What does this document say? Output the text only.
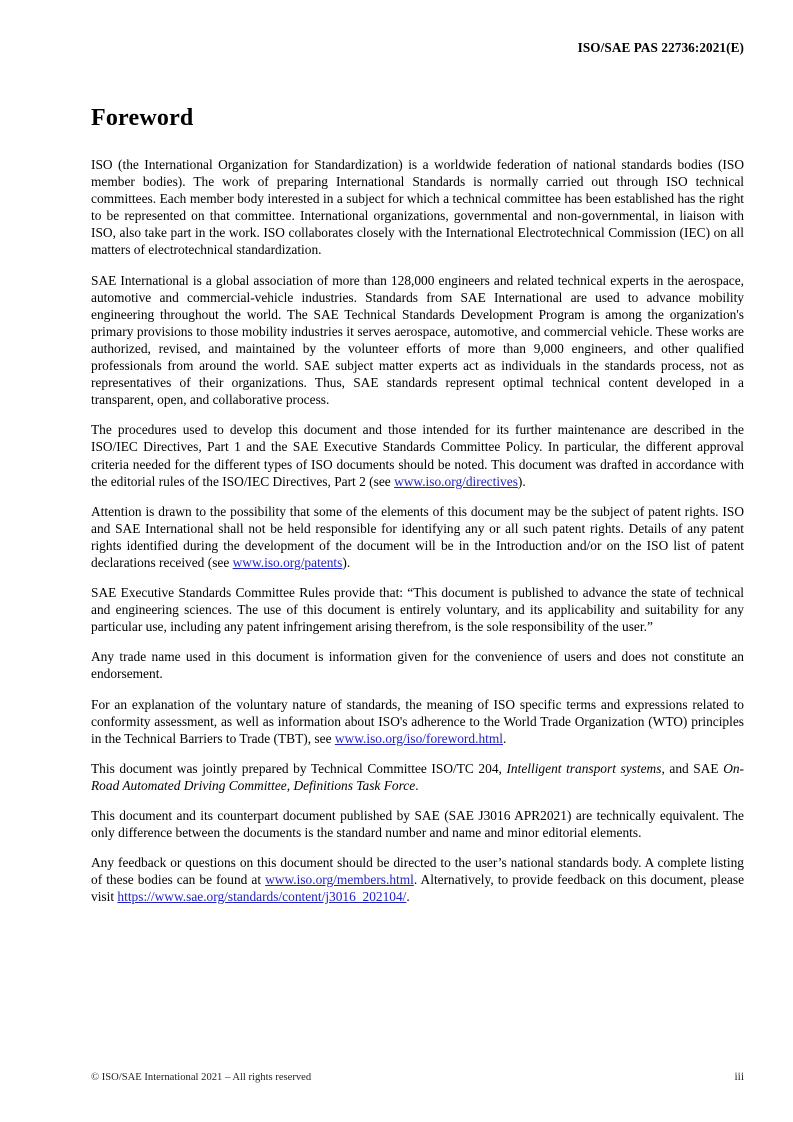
ISO/SAE PAS 22736:2021(E)
Foreword

ISO (the International Organization for Standardization) is a worldwide federation of national standards bodies (ISO member bodies). The work of preparing International Standards is normally carried out through ISO technical committees. Each member body interested in a subject for which a technical committee has been established has the right to be represented on that committee. International organizations, governmental and non-governmental, in liaison with ISO, also take part in the work. ISO collaborates closely with the International Electrotechnical Commission (IEC) on all matters of electrotechnical standardization.

SAE International is a global association of more than 128,000 engineers and related technical experts in the aerospace, automotive and commercial-vehicle industries. Standards from SAE International are used to advance mobility engineering throughout the world. The SAE Technical Standards Development Program is among the organization's primary provisions to those mobility industries it serves aerospace, automotive, and commercial vehicle. These works are authorized, revised, and maintained by the volunteer efforts of more than 9,000 engineers, and other qualified professionals from around the world. SAE subject matter experts act as individuals in the standards process, not as representatives of their organizations. Thus, SAE standards represent optimal technical content developed in a transparent, open, and collaborative process.

The procedures used to develop this document and those intended for its further maintenance are described in the ISO/IEC Directives, Part 1 and the SAE Executive Standards Committee Policy. In particular, the different approval criteria needed for the different types of ISO documents should be noted. This document was drafted in accordance with the editorial rules of the ISO/IEC Directives, Part 2 (see www.iso.org/directives).

Attention is drawn to the possibility that some of the elements of this document may be the subject of patent rights. ISO and SAE International shall not be held responsible for identifying any or all such patent rights. Details of any patent rights identified during the development of the document will be in the Introduction and/or on the ISO list of patent declarations received (see www.iso.org/patents).

SAE Executive Standards Committee Rules provide that: “This document is published to advance the state of technical and engineering sciences. The use of this document is entirely voluntary, and its applicability and suitability for any particular use, including any patent infringement arising therefrom, is the sole responsibility of the user.”

Any trade name used in this document is information given for the convenience of users and does not constitute an endorsement.

For an explanation of the voluntary nature of standards, the meaning of ISO specific terms and expressions related to conformity assessment, as well as information about ISO's adherence to the World Trade Organization (WTO) principles in the Technical Barriers to Trade (TBT), see www.iso.org/iso/foreword.html.

This document was jointly prepared by Technical Committee ISO/TC 204, Intelligent transport systems, and SAE On-Road Automated Driving Committee, Definitions Task Force.

This document and its counterpart document published by SAE (SAE J3016 APR2021) are technically equivalent. The only difference between the documents is the standard number and name and minor editorial elements.

Any feedback or questions on this document should be directed to the user’s national standards body. A complete listing of these bodies can be found at www.iso.org/members.html. Alternatively, to provide feedback on this document, please visit https://www.sae.org/standards/content/j3016_202104/.

© ISO/SAE International 2021 – All rights reserved	iii
